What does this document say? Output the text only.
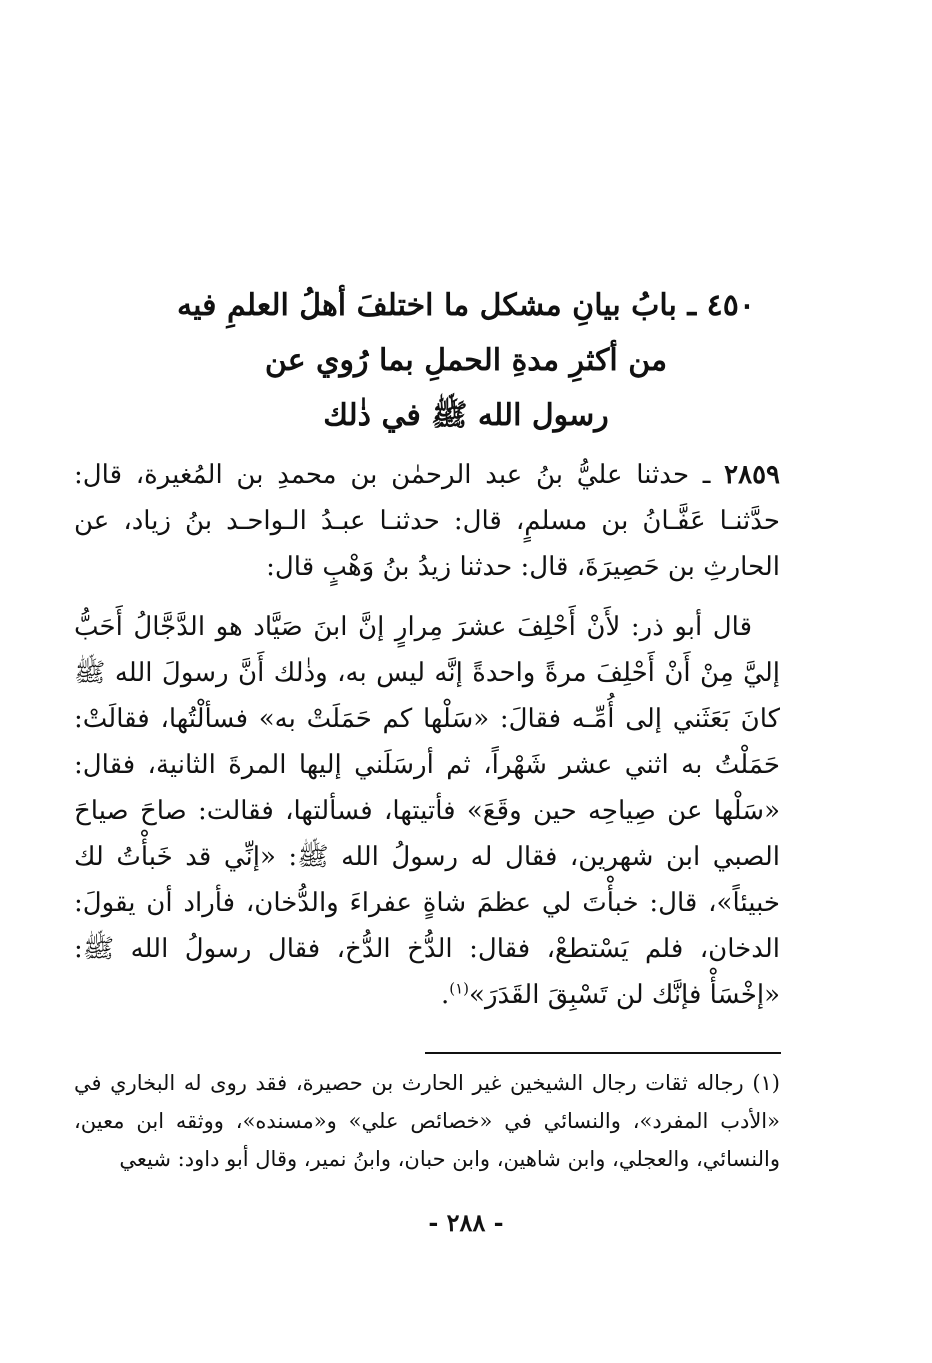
٤٥٠ ـ بابُ بيانِ مشكل ما اختلفَ أهلُ العلمِ فيه
من أكثرِ مدةِ الحملِ بما رُوي عن
رسول الله ﷺ في ذٰلك

٢٨٥٩ ـ حدثنا عليُّ بنُ عبد الرحمٰن بن محمدِ بن المُغيرة، قال: حدَّثنـا عَفَّـانُ بن مسلمٍ، قال: حدثنـا عبـدُ الـواحـد بنُ زياد، عن الحارثِ بن حَصِيرَةَ، قال: حدثنا زيدُ بنُ وَهْبٍ قال:

قال أبو ذر: لأَنْ أَحْلِفَ عشرَ مِرارٍ إنَّ ابنَ صَيَّاد هو الدَّجَّالُ أَحَبُّ إليَّ مِنْ أَنْ أَحْلِفَ مرةً واحدةً إنَّه ليس به، وذٰلك أَنَّ رسولَ الله ﷺ كانَ بَعَثَني إلى أُمِّـه فقالَ: «سَلْها كم حَمَلَتْ به» فسألْتُها، فقالَتْ: حَمَلْتُ به اثني عشر شَهْراً، ثم أرسَلَني إليها المرةَ الثانية، فقال: «سَلْها عن صِياحِه حين وقَعَ» فأتيتها، فسألتها، فقالت: صاحَ صياحَ الصبي ابن شهرين، فقال له رسولُ الله ﷺ: «إنِّي قد خَبأْتُ لك خبيئاً»، قال: خبأْتَ لي عظمَ شاةٍ عفراءَ والدُّخان، فأراد أن يقولَ: الدخان، فلم يَسْتطعْ، فقال: الدُّخ الدُّخ، فقال رسولُ الله ﷺ: «إخْسَأْ فإنَّك لن تَسْبِقَ القَدَرَ»$^{(١)}$.

(١) رجاله ثقات رجال الشيخين غير الحارث بن حصيرة، فقد روى له البخاري في «الأدب المفرد»، والنسائي في «خصائص علي» و«مسنده»، ووثقه ابن معين، والنسائي، والعجلي، وابن شاهين، وابن حبان، وابنُ نمير، وقال أبو داود: شيعي

- ٢٨٨ -
